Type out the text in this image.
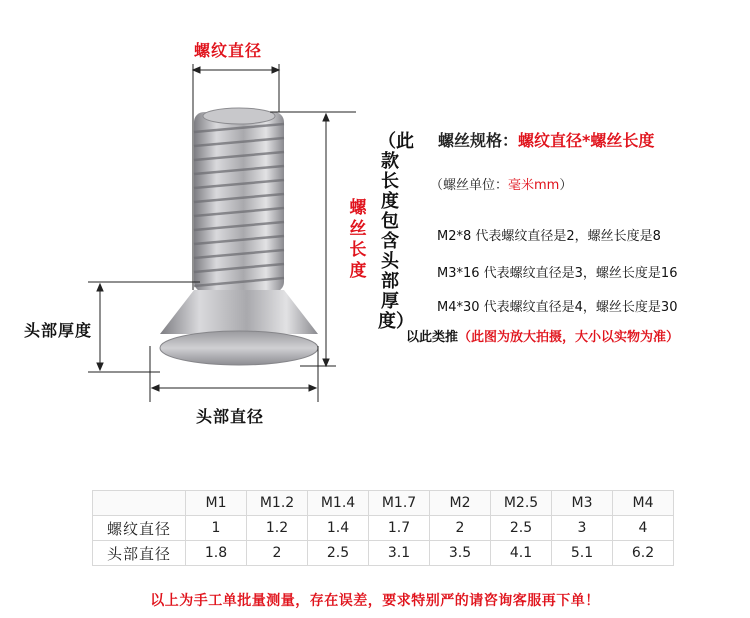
螺纹直径
螺丝长度
头部厚度
头部直径
（此款长度包含头部厚度）
螺丝规格：螺纹直径*螺丝长度
（螺丝单位：毫米mm）
M2*8 代表螺纹直径是2，螺丝长度是8
M3*16 代表螺纹直径是3，螺丝长度是16
M4*30 代表螺纹直径是4，螺丝长度是30
以此类推（此图为放大拍摄，大小以实物为准）
	M1	M1.2	M1.4	M1.7	M2	M2.5	M3	M4
螺纹直径	1	1.2	1.4	1.7	2	2.5	3	4
头部直径	1.8	2	2.5	3.1	3.5	4.1	5.1	6.2
以上为手工单批量测量，存在误差，要求特别严的请咨询客服再下单！
